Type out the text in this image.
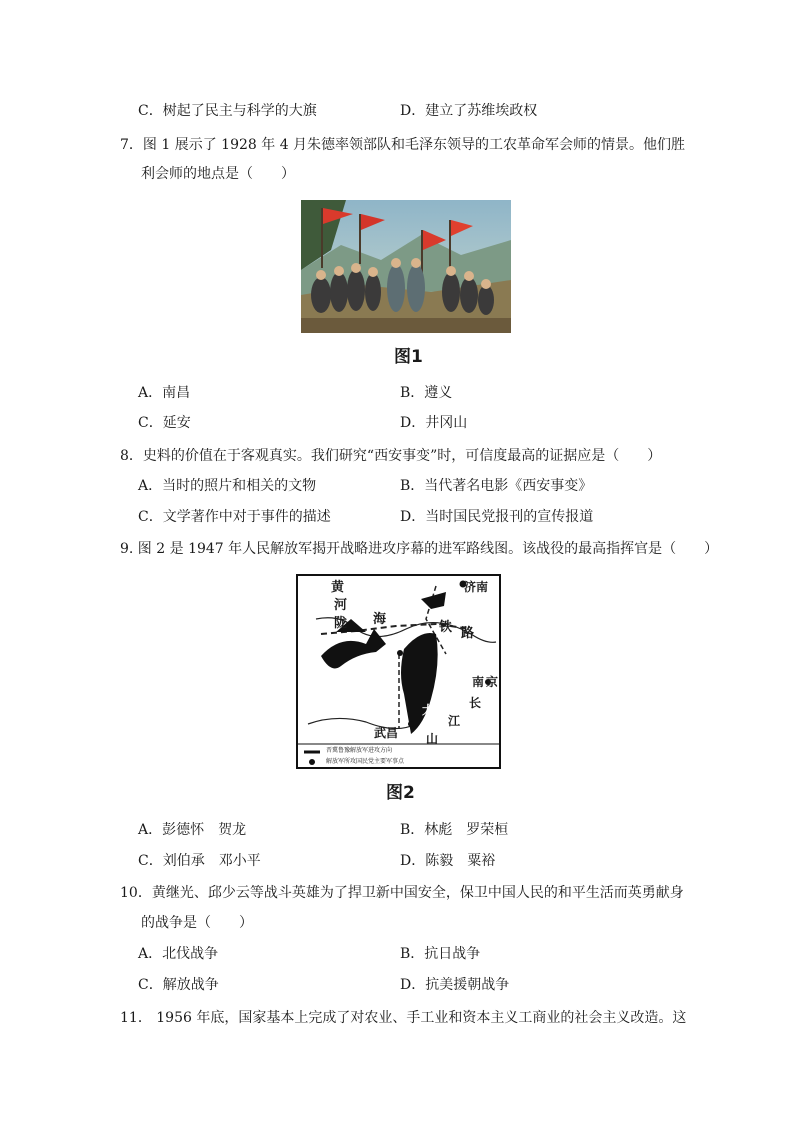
C．树起了民主与科学的大旗	D．建立了苏维埃政权
7．图 1 展示了 1928 年 4 月朱德率领部队和毛泽东领导的工农革命军会师的情景。他们胜
利会师的地点是（　　）
图1
A．南昌	B．遵义
C．延安	D．井冈山
8．史料的价值在于客观真实。我们研究“西安事变”时，可信度最高的证据应是（　　）
A．当时的照片和相关的文物	B．当代著名电影《西安事变》
C．文学著作中对于事件的描述	D．当时国民党报刊的宣传报道
9. 图 2 是 1947 年人民解放军揭开战略进攻序幕的进军路线图。该战役的最高指挥官是（　　）
黄	济南
河
陇 海
铁 路
南 京
长
江
大
别
山
武昌
晋冀鲁豫解放军进攻方向
解放军所攻国民党主要军事点
图2
A．彭德怀　贺龙	B．林彪　罗荣桓
C．刘伯承　邓小平	D．陈毅　粟裕
10．黄继光、邱少云等战斗英雄为了捍卫新中国安全，保卫中国人民的和平生活而英勇献身
的战争是（　　）
A．北伐战争	B．抗日战争
C．解放战争	D．抗美援朝战争
11． 1956 年底，国家基本上完成了对农业、手工业和资本主义工商业的社会主义改造。这
